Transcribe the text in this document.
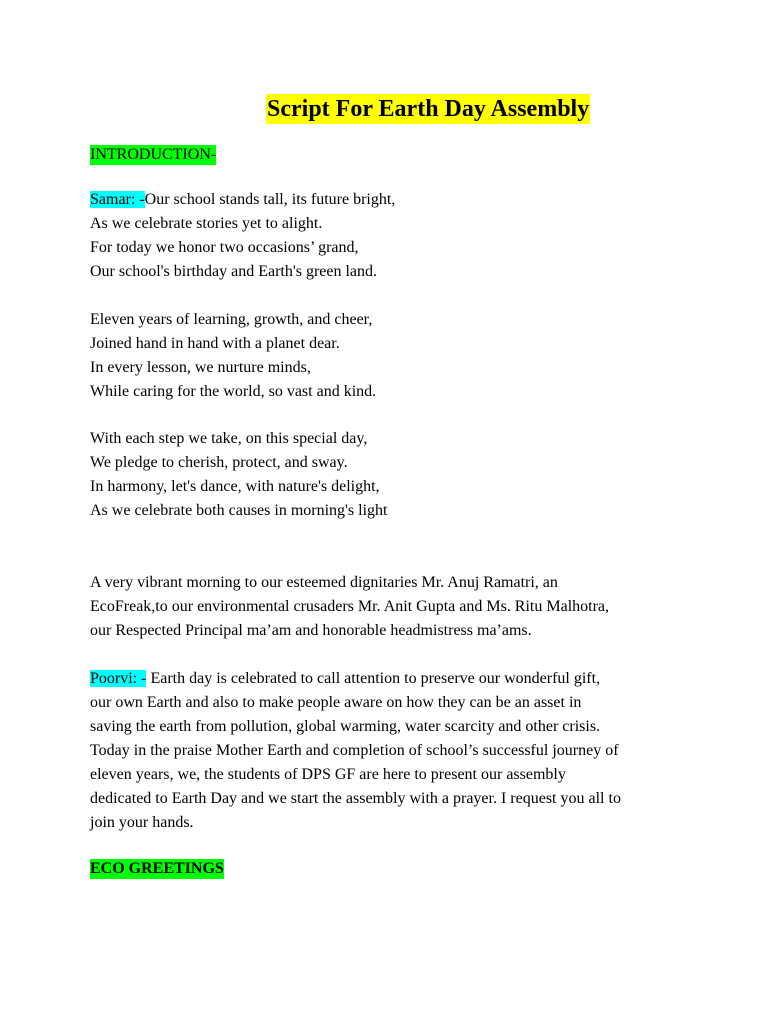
Script For Earth Day Assembly
INTRODUCTION-
Samar: -Our school stands tall, its future bright,
As we celebrate stories yet to alight.
For today we honor two occasions’ grand,
Our school's birthday and Earth's green land.
Eleven years of learning, growth, and cheer,
Joined hand in hand with a planet dear.
In every lesson, we nurture minds,
While caring for the world, so vast and kind.
With each step we take, on this special day,
We pledge to cherish, protect, and sway.
In harmony, let's dance, with nature's delight,
As we celebrate both causes in morning's light
A very vibrant morning to our esteemed dignitaries Mr. Anuj Ramatri, an
EcoFreak,to our environmental crusaders Mr. Anit Gupta and Ms. Ritu Malhotra,
our Respected Principal ma’am and honorable headmistress ma’ams.
Poorvi: - Earth day is celebrated to call attention to preserve our wonderful gift,
our own Earth and also to make people aware on how they can be an asset in
saving the earth from pollution, global warming, water scarcity and other crisis.
Today in the praise Mother Earth and completion of school’s successful journey of
eleven years, we, the students of DPS GF are here to present our assembly
dedicated to Earth Day and we start the assembly with a prayer. I request you all to
join your hands.
ECO GREETINGS
